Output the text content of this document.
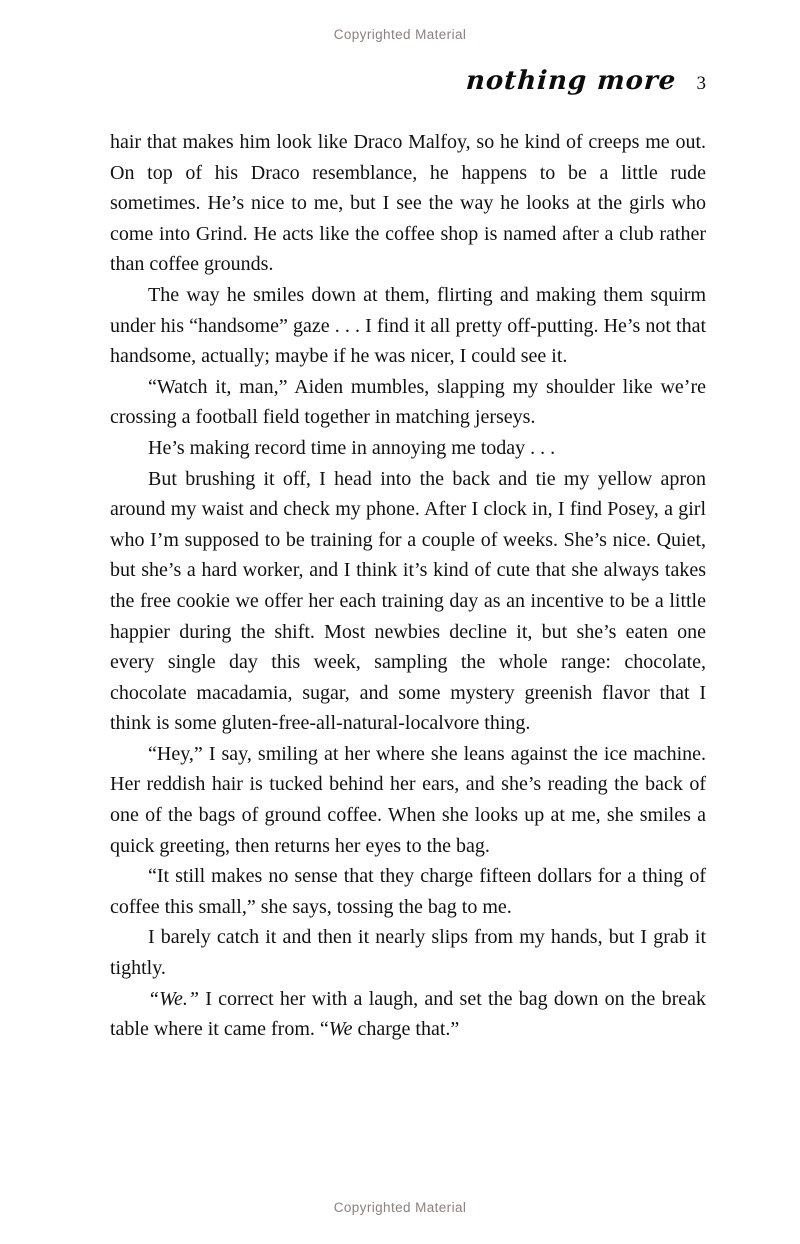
Copyrighted Material
nothing more 3

hair that makes him look like Draco Malfoy, so he kind of creeps me out. On top of his Draco resemblance, he happens to be a little rude sometimes. He’s nice to me, but I see the way he looks at the girls who come into Grind. He acts like the coffee shop is named after a club rather than coffee grounds.

The way he smiles down at them, flirting and making them squirm under his “handsome” gaze . . . I find it all pretty off-putting. He’s not that handsome, actually; maybe if he was nicer, I could see it.

“Watch it, man,” Aiden mumbles, slapping my shoulder like we’re crossing a football field together in matching jerseys.

He’s making record time in annoying me today . . .

But brushing it off, I head into the back and tie my yellow apron around my waist and check my phone. After I clock in, I find Posey, a girl who I’m supposed to be training for a couple of weeks. She’s nice. Quiet, but she’s a hard worker, and I think it’s kind of cute that she always takes the free cookie we offer her each training day as an incentive to be a little happier during the shift. Most newbies decline it, but she’s eaten one every single day this week, sampling the whole range: chocolate, chocolate macadamia, sugar, and some mystery greenish flavor that I think is some gluten-free-all-natural-localvore thing.

“Hey,” I say, smiling at her where she leans against the ice machine. Her reddish hair is tucked behind her ears, and she’s reading the back of one of the bags of ground coffee. When she looks up at me, she smiles a quick greeting, then returns her eyes to the bag.

“It still makes no sense that they charge fifteen dollars for a thing of coffee this small,” she says, tossing the bag to me.

I barely catch it and then it nearly slips from my hands, but I grab it tightly.

“We.” I correct her with a laugh, and set the bag down on the break table where it came from. “We charge that.”

Copyrighted Material
